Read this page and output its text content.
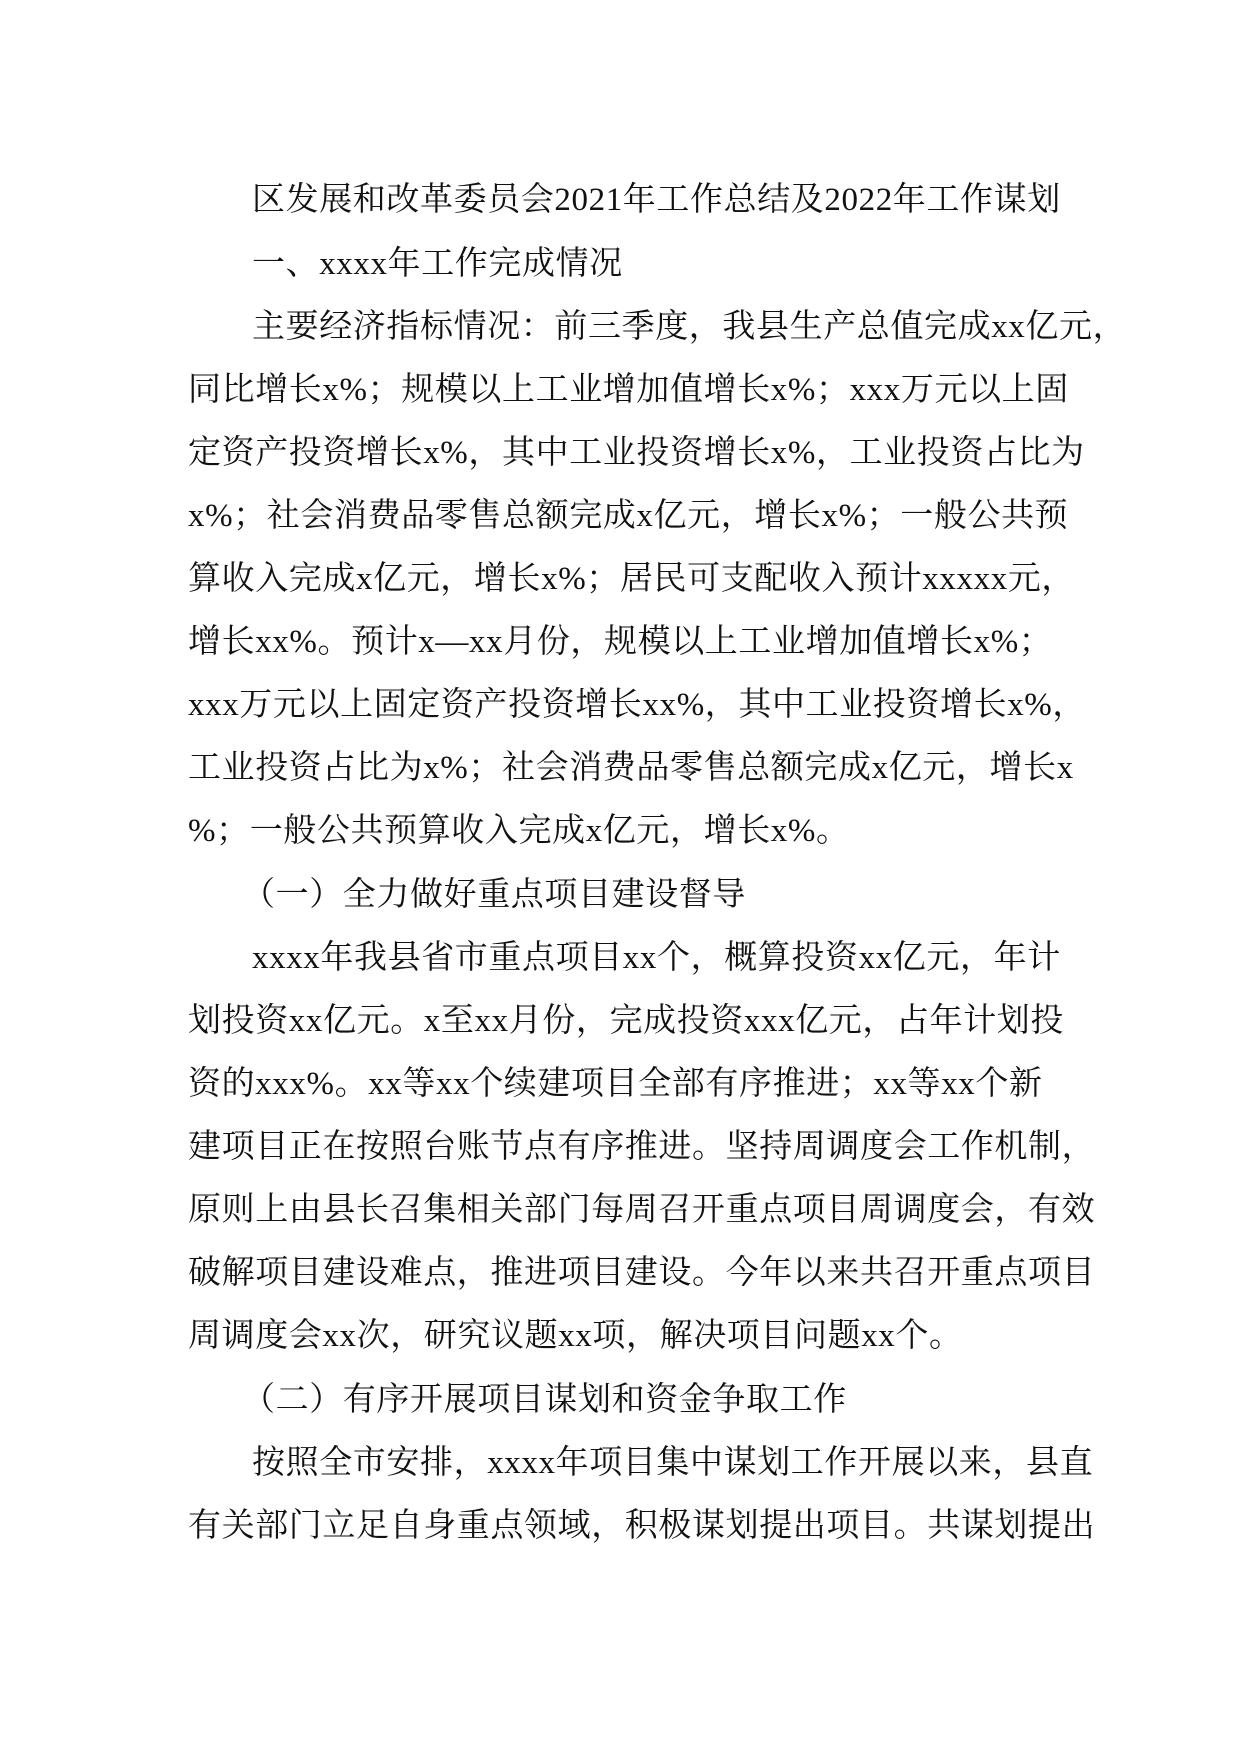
区发展和改革委员会2021年工作总结及2022年工作谋划
一、xxxx年工作完成情况
主要经济指标情况：前三季度，我县生产总值完成xx亿元，
同比增长x%；规模以上工业增加值增长x%；xxx万元以上固
定资产投资增长x%，其中工业投资增长x%，工业投资占比为
x%；社会消费品零售总额完成x亿元，增长x%；一般公共预
算收入完成x亿元，增长x%；居民可支配收入预计xxxxx元，
增长xx%。预计x—xx月份，规模以上工业增加值增长x%；
xxx万元以上固定资产投资增长xx%，其中工业投资增长x%，
工业投资占比为x%；社会消费品零售总额完成x亿元，增长x
%；一般公共预算收入完成x亿元，增长x%。
（一）全力做好重点项目建设督导
xxxx年我县省市重点项目xx个，概算投资xx亿元，年计
划投资xx亿元。x至xx月份，完成投资xxx亿元，占年计划投
资的xxx%。xx等xx个续建项目全部有序推进；xx等xx个新
建项目正在按照台账节点有序推进。坚持周调度会工作机制，
原则上由县长召集相关部门每周召开重点项目周调度会，有效
破解项目建设难点，推进项目建设。今年以来共召开重点项目
周调度会xx次，研究议题xx项，解决项目问题xx个。
（二）有序开展项目谋划和资金争取工作
按照全市安排，xxxx年项目集中谋划工作开展以来，县直
有关部门立足自身重点领域，积极谋划提出项目。共谋划提出
